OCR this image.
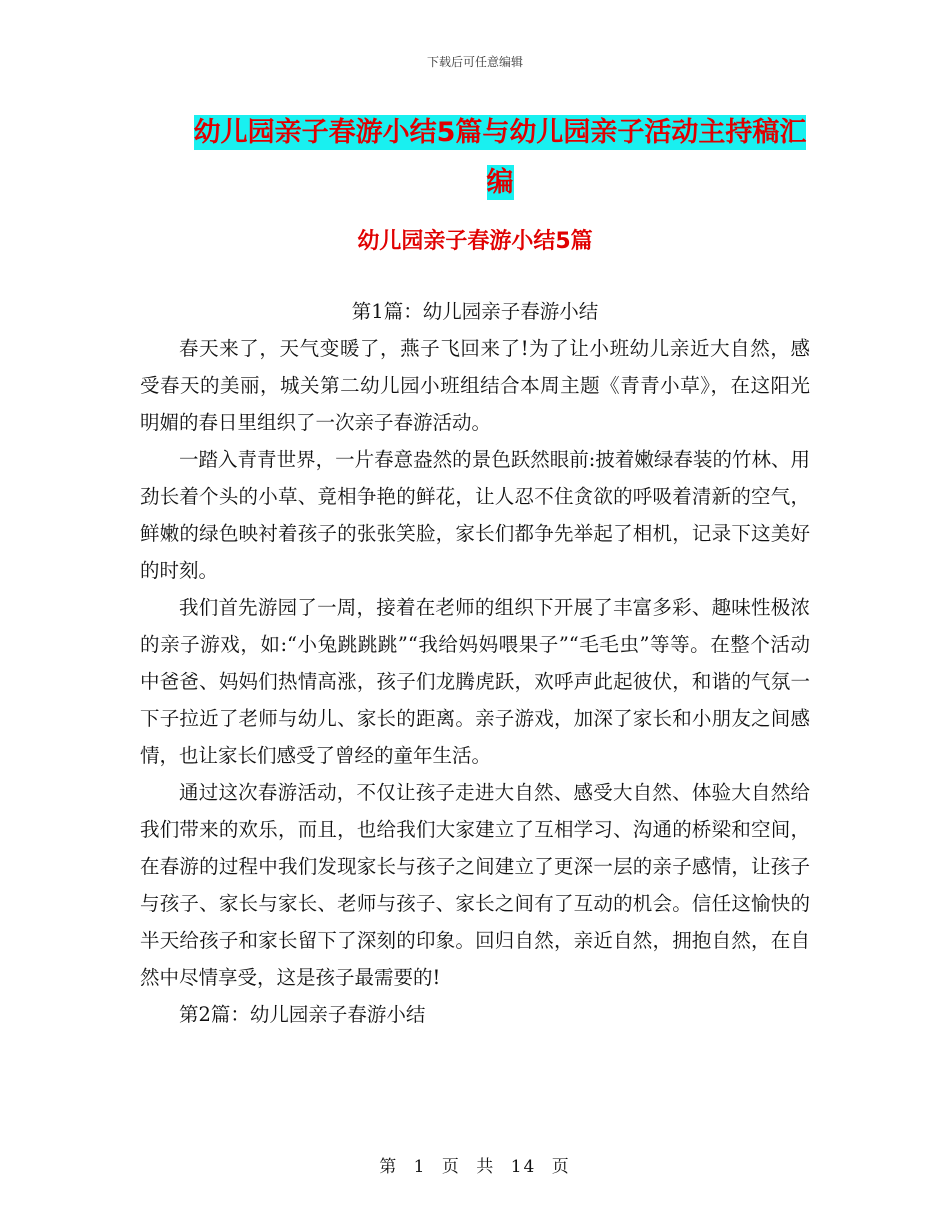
下载后可任意编辑
幼儿园亲子春游小结5篇与幼儿园亲子活动主持稿汇编
幼儿园亲子春游小结5篇

第1篇：幼儿园亲子春游小结

春天来了，天气变暖了，燕子飞回来了!为了让小班幼儿亲近大自然，感受春天的美丽，城关第二幼儿园小班组结合本周主题《青青小草》，在这阳光明媚的春日里组织了一次亲子春游活动。

一踏入青青世界，一片春意盎然的景色跃然眼前:披着嫩绿春装的竹林、用劲长着个头的小草、竟相争艳的鲜花，让人忍不住贪欲的呼吸着清新的空气，鲜嫩的绿色映衬着孩子的张张笑脸，家长们都争先举起了相机，记录下这美好的时刻。

我们首先游园了一周，接着在老师的组织下开展了丰富多彩、趣味性极浓的亲子游戏，如:“小兔跳跳跳”“我给妈妈喂果子”“毛毛虫”等等。在整个活动中爸爸、妈妈们热情高涨，孩子们龙腾虎跃，欢呼声此起彼伏，和谐的气氛一下子拉近了老师与幼儿、家长的距离。亲子游戏，加深了家长和小朋友之间感情，也让家长们感受了曾经的童年生活。

通过这次春游活动，不仅让孩子走进大自然、感受大自然、体验大自然给我们带来的欢乐，而且，也给我们大家建立了互相学习、沟通的桥梁和空间，在春游的过程中我们发现家长与孩子之间建立了更深一层的亲子感情，让孩子与孩子、家长与家长、老师与孩子、家长之间有了互动的机会。信任这愉快的半天给孩子和家长留下了深刻的印象。回归自然，亲近自然，拥抱自然，在自然中尽情享受，这是孩子最需要的!

第2篇：幼儿园亲子春游小结

第 1 页 共 14 页
